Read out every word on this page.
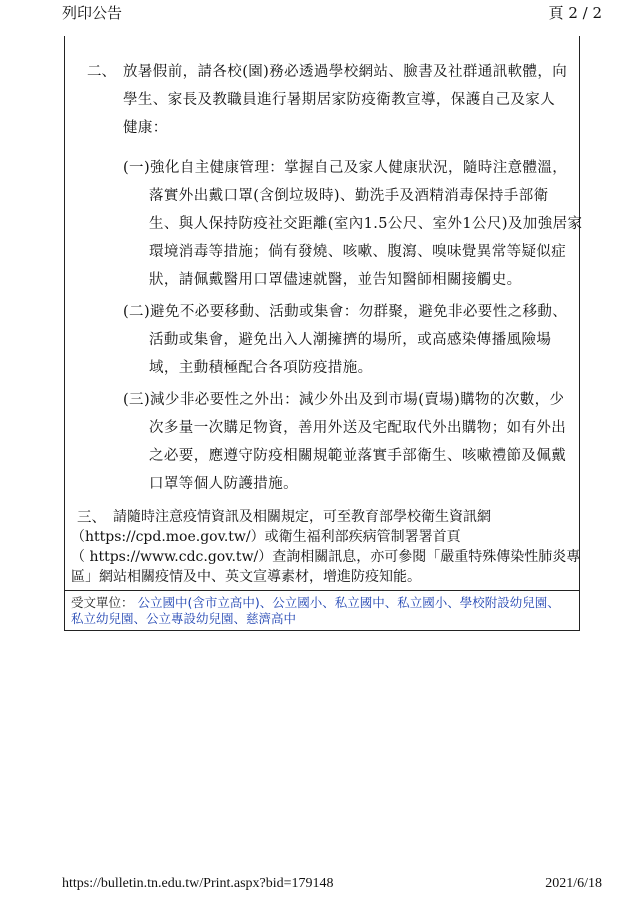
列印公告	頁 2 / 2
二、 放暑假前，請各校(園)務必透過學校網站、臉書及社群通訊軟體，向
學生、家長及教職員進行暑期居家防疫衛教宣導，保護自己及家人
健康：
(一)強化自主健康管理：掌握自己及家人健康狀況，隨時注意體溫，
落實外出戴口罩(含倒垃圾時)、勤洗手及酒精消毒保持手部衛
生、與人保持防疫社交距離(室內1.5公尺、室外1公尺)及加強居家
環境消毒等措施；倘有發燒、咳嗽、腹瀉、嗅味覺異常等疑似症
狀，請佩戴醫用口罩儘速就醫，並告知醫師相關接觸史。
(二)避免不必要移動、活動或集會：勿群聚，避免非必要性之移動、
活動或集會，避免出入人潮擁擠的場所，或高感染傳播風險場
域，主動積極配合各項防疫措施。
(三)減少非必要性之外出：減少外出及到市場(賣場)購物的次數，少
次多量一次購足物資，善用外送及宅配取代外出購物；如有外出
之必要，應遵守防疫相關規範並落實手部衛生、咳嗽禮節及佩戴
口罩等個人防護措施。
三、 請隨時注意疫情資訊及相關規定，可至教育部學校衛生資訊網
（https://cpd.moe.gov.tw/）或衛生福利部疾病管制署署首頁
（ https://www.cdc.gov.tw/）查詢相關訊息，亦可參閱「嚴重特殊傳染性肺炎專
區」網站相關疫情及中、英文宣導素材，增進防疫知能。
受文單位： 公立國中(含市立高中)、公立國小、私立國中、私立國小、學校附設幼兒園、私立幼兒園、公立專設幼兒園、慈濟高中
https://bulletin.tn.edu.tw/Print.aspx?bid=179148	2021/6/18
